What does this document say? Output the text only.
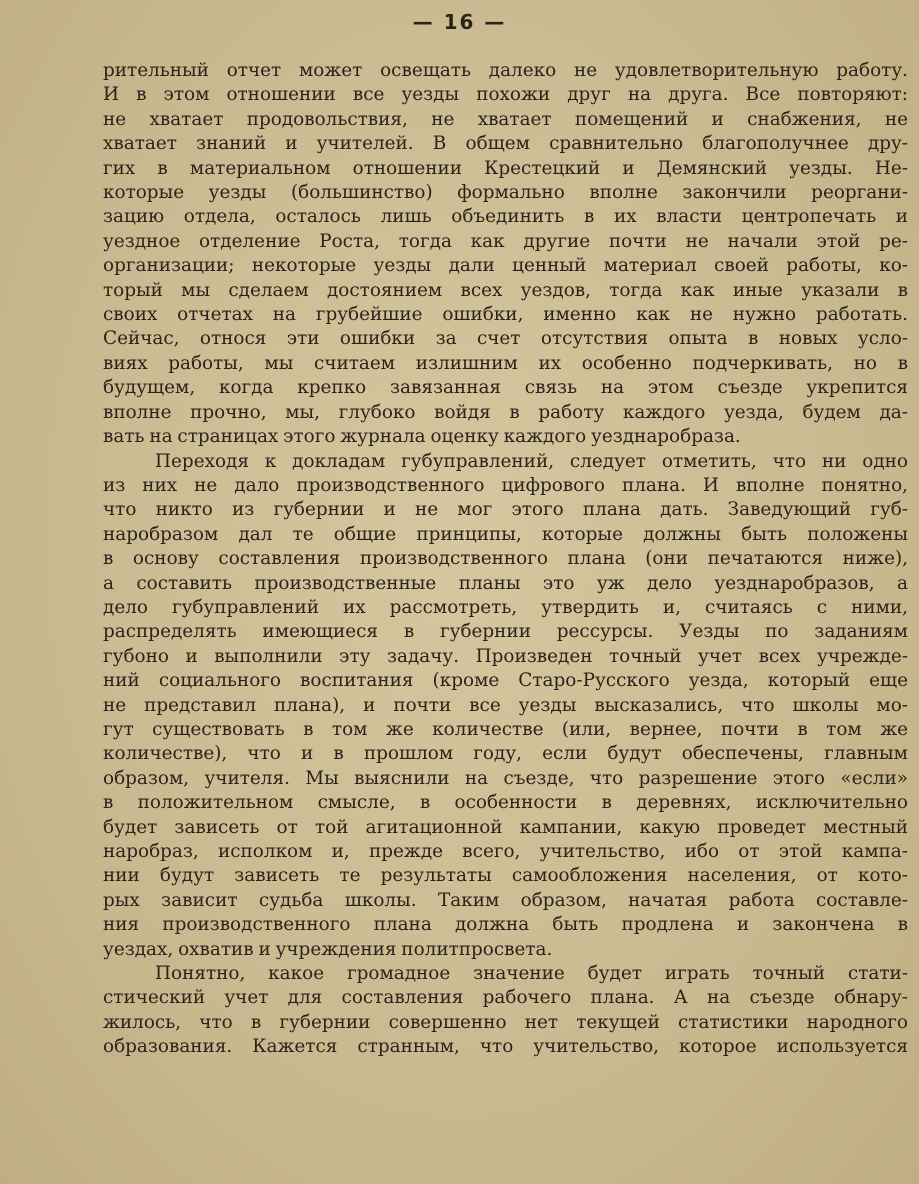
— 16 —
рительный отчет может освещать далеко не удовлетворительную работу.
И в этом отношении все уезды похожи друг на друга. Все повторяют:
не хватает продовольствия, не хватает помещений и снабжения, не
хватает знаний и учителей. В общем сравнительно благополучнее дру-
гих в материальном отношении Крестецкий и Демянский уезды. Не-
которые уезды (большинство) формально вполне закончили реоргани-
зацию отдела, осталось лишь объединить в их власти центропечать и
уездное отделение Роста, тогда как другие почти не начали этой ре-
организации; некоторые уезды дали ценный материал своей работы, ко-
торый мы сделаем достоянием всех уездов, тогда как иные указали в
своих отчетах на грубейшие ошибки, именно как не нужно работать.
Сейчас, относя эти ошибки за счет отсутствия опыта в новых усло-
виях работы, мы считаем излишним их особенно подчеркивать, но в
будущем, когда крепко завязанная связь на этом съезде укрепится
вполне прочно, мы, глубоко войдя в работу каждого уезда, будем да-
вать на страницах этого журнала оценку каждого уезднаробраза.
Переходя к докладам губуправлений, следует отметить, что ни одно
из них не дало производственного цифрового плана. И вполне понятно,
что никто из губернии и не мог этого плана дать. Заведующий губ-
наробразом дал те общие принципы, которые должны быть положены
в основу составления производственного плана (они печатаются ниже),
а составить производственные планы это уж дело уезднаробразов, а
дело губуправлений их рассмотреть, утвердить и, считаясь с ними,
распределять имеющиеся в губернии рессурсы. Уезды по заданиям
губоно и выполнили эту задачу. Произведен точный учет всех учрежде-
ний социального воспитания (кроме Старо-Русского уезда, который еще
не представил плана), и почти все уезды высказались, что школы мо-
гут существовать в том же количестве (или, вернее, почти в том же
количестве), что и в прошлом году, если будут обеспечены, главным
образом, учителя. Мы выяснили на съезде, что разрешение этого «если»
в положительном смысле, в особенности в деревнях, исключительно
будет зависеть от той агитационной кампании, какую проведет местный
наробраз, исполком и, прежде всего, учительство, ибо от этой кампа-
нии будут зависеть те результаты самообложения населения, от кото-
рых зависит судьба школы. Таким образом, начатая работа составле-
ния производственного плана должна быть продлена и закончена в
уездах, охватив и учреждения политпросвета.
Понятно, какое громадное значение будет играть точный стати-
стический учет для составления рабочего плана. А на съезде обнару-
жилось, что в губернии совершенно нет текущей статистики народного
образования. Кажется странным, что учительство, которое используется
